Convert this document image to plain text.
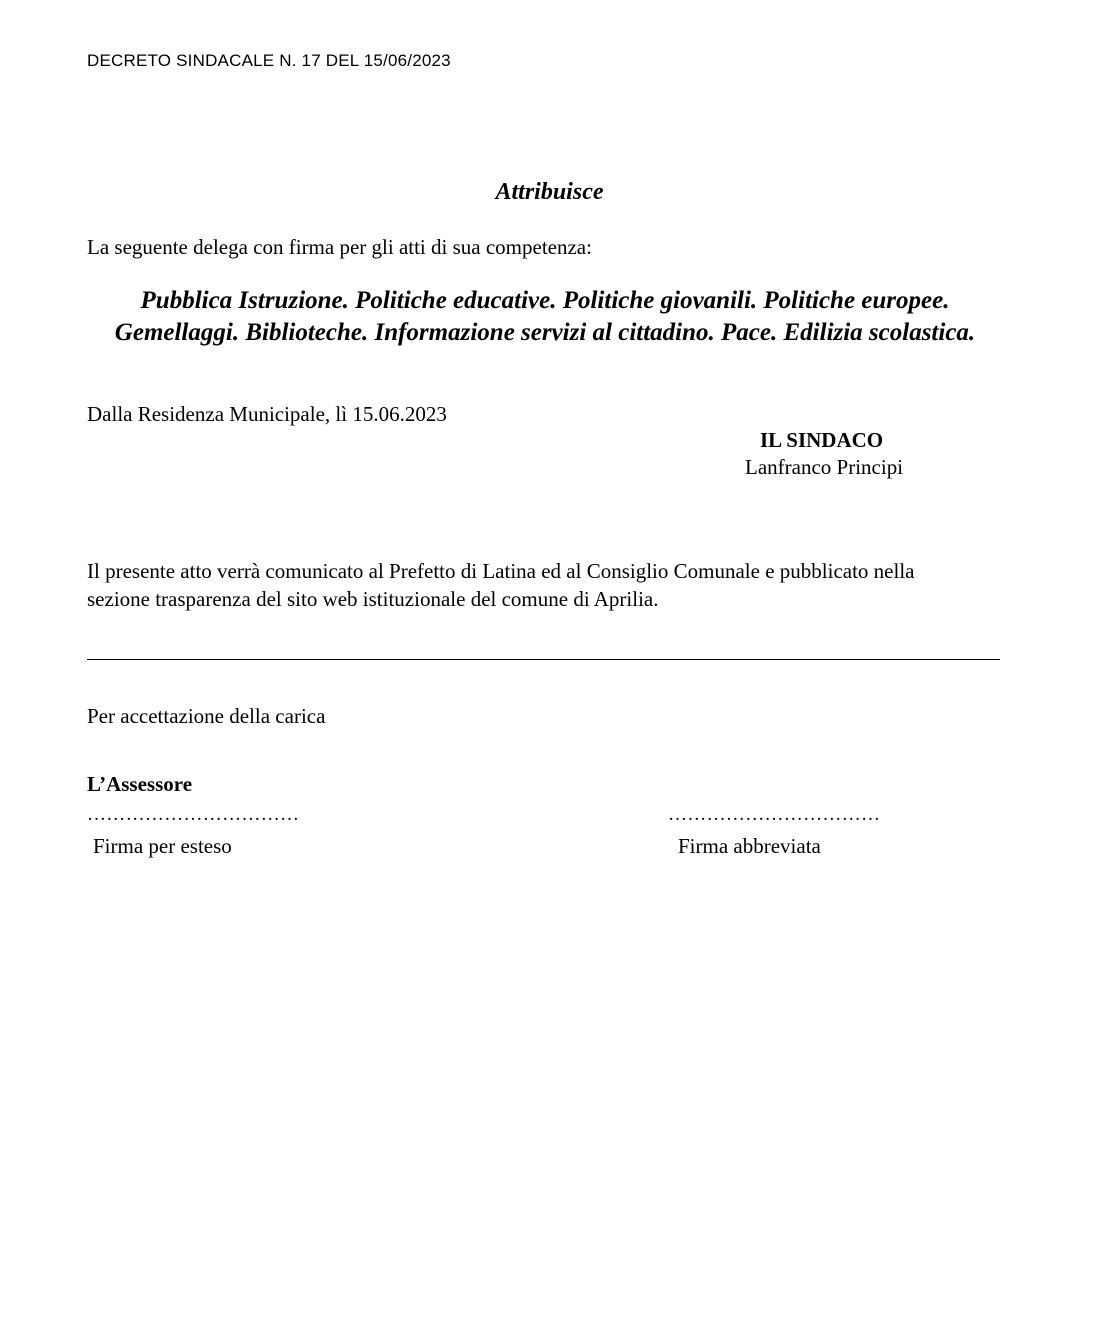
DECRETO SINDACALE N. 17 DEL 15/06/2023
Attribuisce
La seguente delega con firma per gli atti di sua competenza:
Pubblica Istruzione. Politiche educative. Politiche giovanili. Politiche europee.
Gemellaggi. Biblioteche. Informazione servizi al cittadino. Pace. Edilizia scolastica.
Dalla Residenza Municipale, lì 15.06.2023
IL SINDACO
Lanfranco Principi
Il presente atto verrà comunicato al Prefetto di Latina ed al Consiglio Comunale e pubblicato nella
sezione trasparenza del sito web istituzionale del comune di Aprilia.
Per accettazione della carica
L’Assessore
……………………………	……………………………
Firma per esteso	Firma abbreviata
